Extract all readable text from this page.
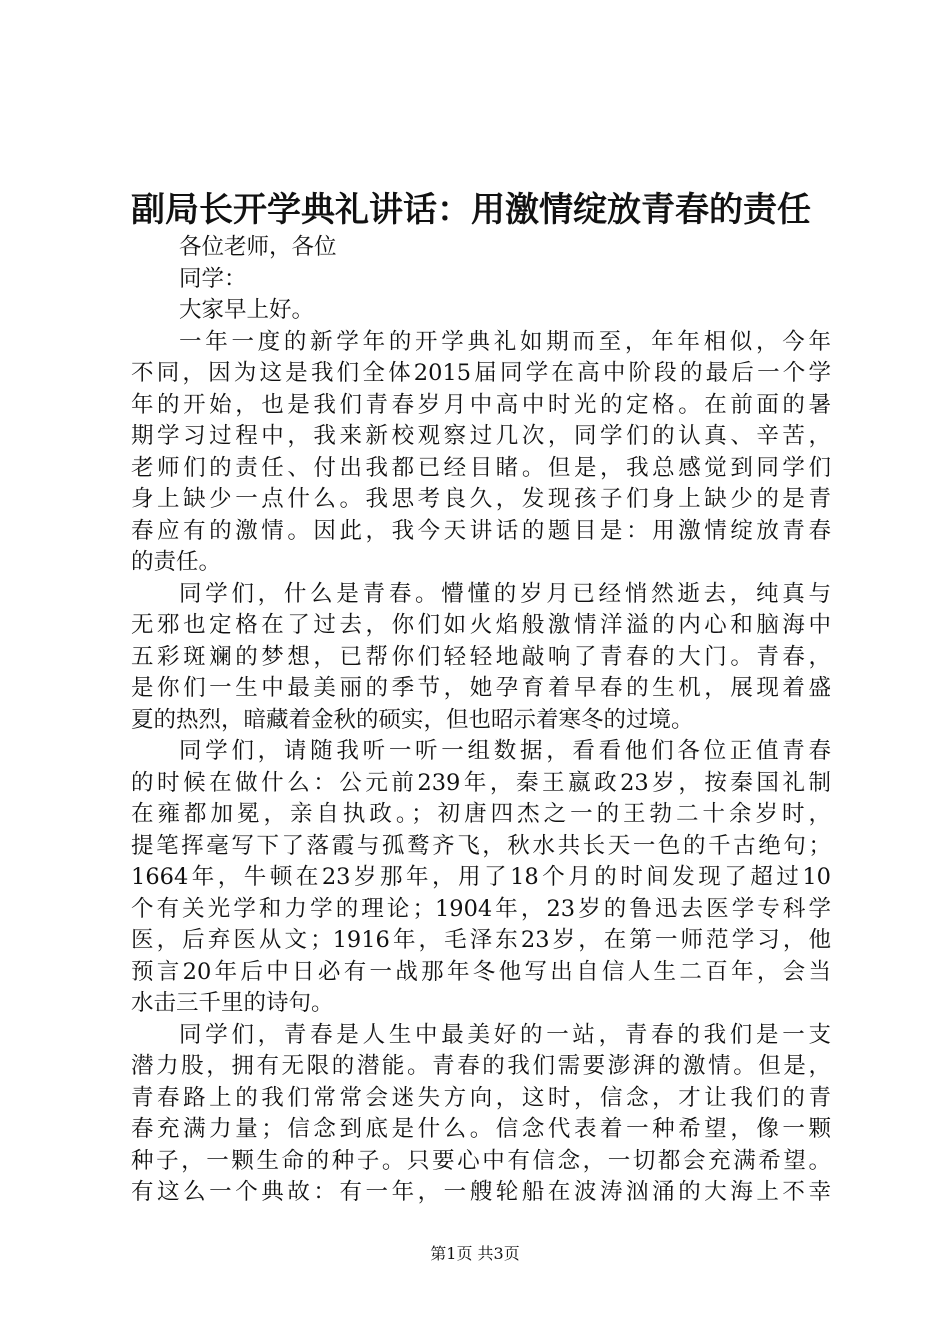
副局长开学典礼讲话：用激情绽放青春的责任
各位老师，各位
同学：
大家早上好。
一年一度的新学年的开学典礼如期而至，年年相似，今年
不同，因为这是我们全体2015届同学在高中阶段的最后一个学
年的开始，也是我们青春岁月中高中时光的定格。在前面的暑
期学习过程中，我来新校观察过几次，同学们的认真、辛苦，
老师们的责任、付出我都已经目睹。但是，我总感觉到同学们
身上缺少一点什么。我思考良久，发现孩子们身上缺少的是青
春应有的激情。因此，我今天讲话的题目是：用激情绽放青春
的责任。
同学们，什么是青春。懵懂的岁月已经悄然逝去，纯真与
无邪也定格在了过去，你们如火焰般激情洋溢的内心和脑海中
五彩斑斓的梦想，已帮你们轻轻地敲响了青春的大门。青春，
是你们一生中最美丽的季节，她孕育着早春的生机，展现着盛
夏的热烈，暗藏着金秋的硕实，但也昭示着寒冬的过境。
同学们，请随我听一听一组数据，看看他们各位正值青春
的时候在做什么：公元前239年，秦王嬴政23岁，按秦国礼制
在雍都加冕，亲自执政。；初唐四杰之一的王勃二十余岁时，
提笔挥毫写下了落霞与孤鹜齐飞，秋水共长天一色的千古绝句；
1664年，牛顿在23岁那年，用了18个月的时间发现了超过10
个有关光学和力学的理论；1904年，23岁的鲁迅去医学专科学
医，后弃医从文；1916年，毛泽东23岁，在第一师范学习，他
预言20年后中日必有一战那年冬他写出自信人生二百年，会当
水击三千里的诗句。
同学们，青春是人生中最美好的一站，青春的我们是一支
潜力股，拥有无限的潜能。青春的我们需要澎湃的激情。但是，
青春路上的我们常常会迷失方向，这时，信念，才让我们的青
春充满力量；信念到底是什么。信念代表着一种希望，像一颗
种子，一颗生命的种子。只要心中有信念，一切都会充满希望。
有这么一个典故：有一年，一艘轮船在波涛汹涌的大海上不幸
第1页 共3页
